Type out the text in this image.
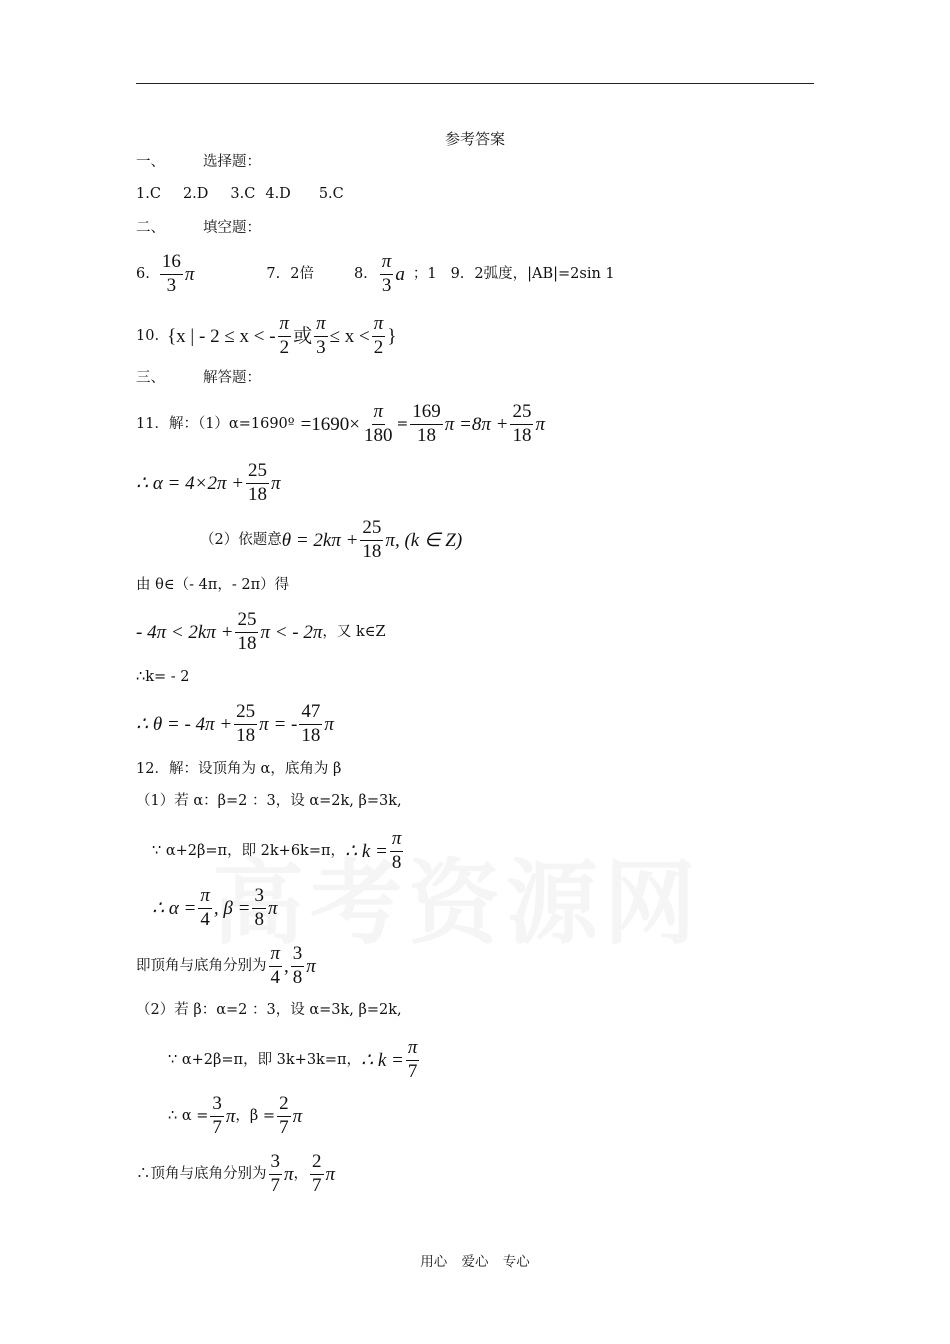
参考答案
一、	选择题：
1.C 2.D 3.C 4.D 5.C
二、	填空题：
6. $\frac{16}{3}$ π	7. 2倍	8. $\frac{\pi}{3}$ a ；1 9. 2弧度，|AB|=2sin 1
10. {x | - 2 ≤ x < - $\frac{\pi}{2}$ 或 $\frac{\pi}{3} \le x < \frac{\pi}{2}$ }
三、	解答题：
11．解：（1）α=1690º $=1690\times \frac{\pi}{180} = \frac{169}{18}$ $\pi =8\pi + \frac{25}{18}$ π
∴ $\alpha = 4\times 2\pi + \frac{25}{18}$ π
（2）依题意 $\theta = 2k\pi + \frac{25}{18} \pi$, (k ∈ Z)
由 θ∈（- 4π，- 2π）得
- $4\pi < 2k\pi + \frac{25}{18}$ π < - 2π ，又 k∈Z
∴k= - 2
∴ θ = - $4\pi + \frac{25}{18}$ π = - $\frac{47}{18}$ π
12．解：设顶角为 α，底角为 β
（1）若 α：β=2 ：3，设 α=2k, β=3k,
∵ α+2β=π，即 2k+6k=π， ∴ $k = \frac{\pi}{8}$
∴ $\alpha = \frac{\pi}{4}$ , $\beta = \frac{3}{8}$ π
即顶角与底角分别为 $\frac{\pi}{4}$ , $\frac{3}{8}$ π
（2）若 β：α=2 ：3，设 α=3k, β=2k,
∵ α+2β=π，即 3k+3k=π， ∴ $k = \frac{\pi}{7}$
∴ $\alpha = \frac{3}{7}$ π ，$\beta = \frac{2}{7}$ π
∴顶角与底角分别为 $\frac{3}{7}$ π ， $\frac{2}{7}$ π
用心 爱心 专心
